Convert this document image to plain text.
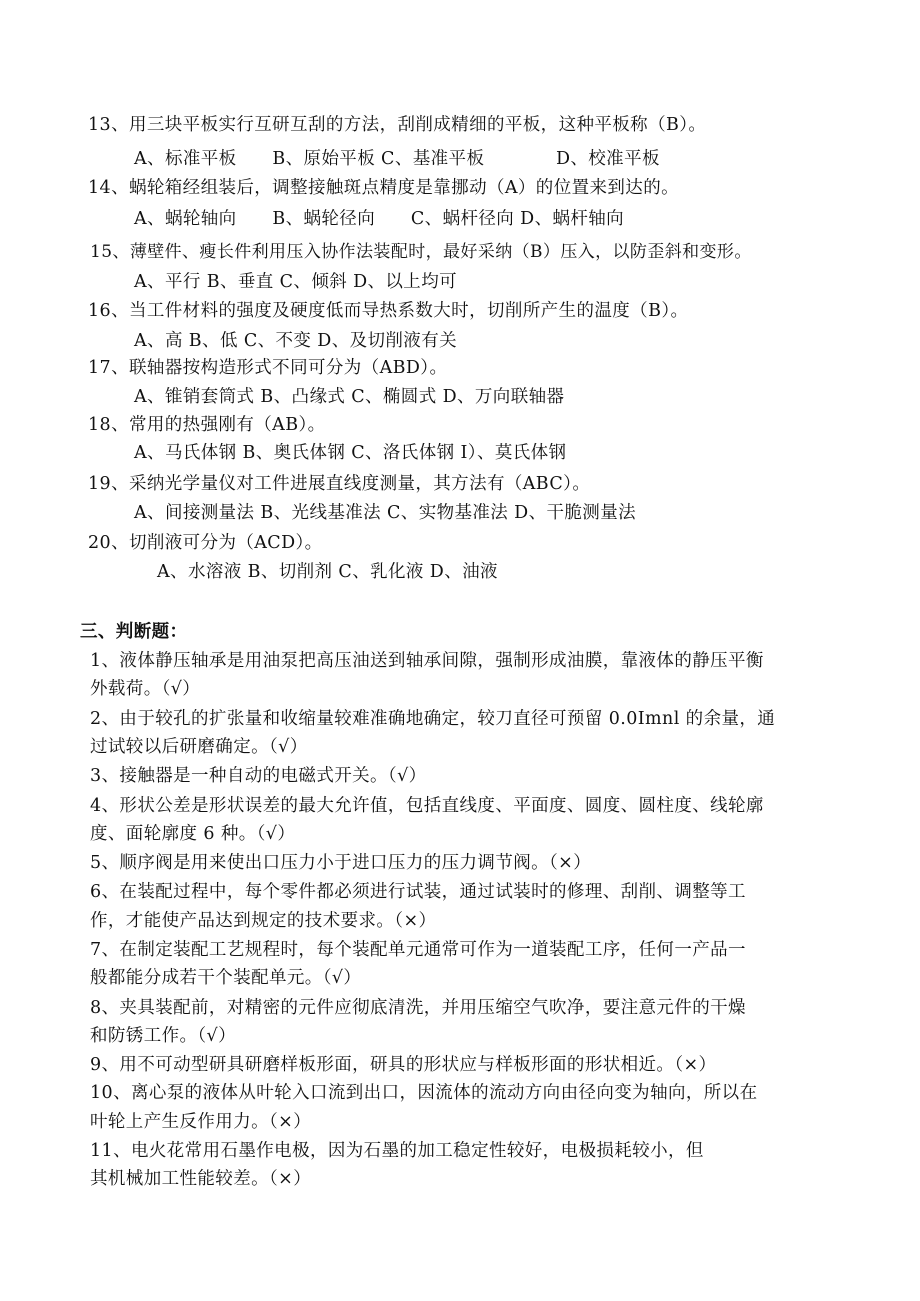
13、用三块平板实行互研互刮的方法，刮削成精细的平板，这种平板称（B）。
A、标准平板　　B、原始平板 C、基准平板　　　　D、校准平板
14、蜗轮箱经组装后，调整接触斑点精度是靠挪动（A）的位置来到达的。
A、蜗轮轴向　　B、蜗轮径向　　C、蜗杆径向 D、蜗杆轴向
15、薄壁件、瘦长件利用压入协作法装配时，最好采纳（B）压入，以防歪斜和变形。
A、平行 B、垂直 C、倾斜 D、以上均可
16、当工件材料的强度及硬度低而导热系数大时，切削所产生的温度（B）。
A、高 B、低 C、不变 D、及切削液有关
17、联轴器按构造形式不同可分为（ABD）。
A、锥销套筒式 B、凸缘式 C、椭圆式 D、万向联轴器
18、常用的热强刚有（AB）。
A、马氏体钢 B、奥氏体钢 C、洛氏体钢 I）、莫氏体钢
19、采纳光学量仪对工件进展直线度测量，其方法有（ABC）。
A、间接测量法 B、光线基准法 C、实物基准法 D、干脆测量法
20、切削液可分为（ACD）。
A、水溶液 B、切削剂 C、乳化液 D、油液
三、判断题：
1、液体静压轴承是用油泵把高压油送到轴承间隙，强制形成油膜，靠液体的静压平衡
外载荷。（√）
2、由于较孔的扩张量和收缩量较难准确地确定，较刀直径可预留 0.0Imnl 的余量，通
过试较以后研磨确定。（√）
3、接触器是一种自动的电磁式开关。（√）
4、形状公差是形状误差的最大允许值，包括直线度、平面度、圆度、圆柱度、线轮廓
度、面轮廓度 6 种。（√）
5、顺序阀是用来使出口压力小于进口压力的压力调节阀。（×）
6、在装配过程中，每个零件都必须进行试装，通过试装时的修理、刮削、调整等工
作，才能使产品达到规定的技术要求。（×）
7、在制定装配工艺规程时，每个装配单元通常可作为一道装配工序，任何一产品一
般都能分成若干个装配单元。（√）
8、夹具装配前，对精密的元件应彻底清洗，并用压缩空气吹净，要注意元件的干燥
和防锈工作。（√）
9、用不可动型研具研磨样板形面，研具的形状应与样板形面的形状相近。（×）
10、离心泵的液体从叶轮入口流到出口，因流体的流动方向由径向变为轴向，所以在
叶轮上产生反作用力。（×）
11、电火花常用石墨作电极，因为石墨的加工稳定性较好，电极损耗较小，但
其机械加工性能较差。（×）
